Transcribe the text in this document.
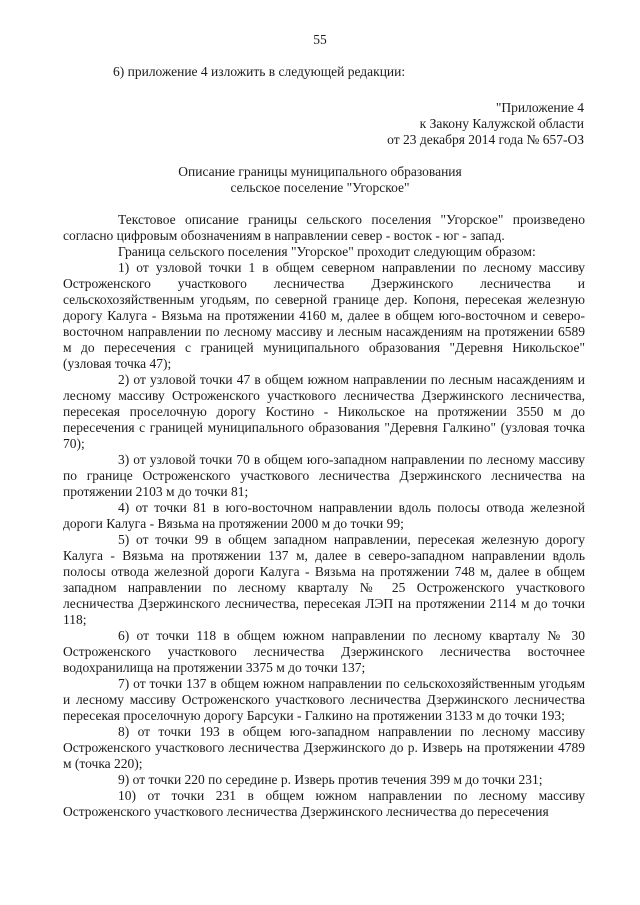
55
6) приложение 4 изложить в следующей редакции:
"Приложение 4
к Закону Калужской области
от 23 декабря 2014 года № 657-ОЗ
Описание границы муниципального образования
сельское поселение "Угорское"

Текстовое описание границы сельского поселения "Угорское" произведено согласно цифровым обозначениям в направлении север - восток - юг - запад.

Граница сельского поселения "Угорское" проходит следующим образом:

1) от узловой точки 1 в общем северном направлении по лесному массиву Остроженского участкового лесничества Дзержинского лесничества и сельскохозяйственным угодьям, по северной границе дер. Копоня, пересекая железную дорогу Калуга - Вязьма на протяжении 4160 м, далее в общем юго-восточном и северо-восточном направлении по лесному массиву и лесным насаждениям на протяжении 6589 м до пересечения с границей муниципального образования "Деревня Никольское" (узловая точка 47);

2) от узловой точки 47 в общем южном направлении по лесным насаждениям и лесному массиву Остроженского участкового лесничества Дзержинского лесничества, пересекая проселочную дорогу Костино - Никольское на протяжении 3550 м до пересечения с границей муниципального образования "Деревня Галкино" (узловая точка 70);

3) от узловой точки 70 в общем юго-западном направлении по лесному массиву по границе Остроженского участкового лесничества Дзержинского лесничества на протяжении 2103 м до точки 81;

4) от точки 81 в юго-восточном направлении вдоль полосы отвода железной дороги Калуга - Вязьма на протяжении 2000 м до точки 99;

5) от точки 99 в общем западном направлении, пересекая железную дорогу Калуга - Вязьма на протяжении 137 м, далее в северо-западном направлении вдоль полосы отвода железной дороги Калуга - Вязьма на протяжении 748 м, далее в общем западном направлении по лесному кварталу № 25 Остроженского участкового лесничества Дзержинского лесничества, пересекая ЛЭП на протяжении 2114 м до точки 118;

6) от точки 118 в общем южном направлении по лесному кварталу № 30 Остроженского участкового лесничества Дзержинского лесничества восточнее водохранилища на протяжении 3375 м до точки 137;

7) от точки 137 в общем южном направлении по сельскохозяйственным угодьям и лесному массиву Остроженского участкового лесничества Дзержинского лесничества пересекая проселочную дорогу Барсуки - Галкино на протяжении 3133 м до точки 193;

8) от точки 193 в общем юго-западном направлении по лесному массиву Остроженского участкового лесничества Дзержинского до р. Изверь на протяжении 4789 м (точка 220);

9) от точки 220 по середине р. Изверь против течения 399 м до точки 231;

10) от точки 231 в общем южном направлении по лесному массиву Остроженского участкового лесничества Дзержинского лесничества до пересечения
